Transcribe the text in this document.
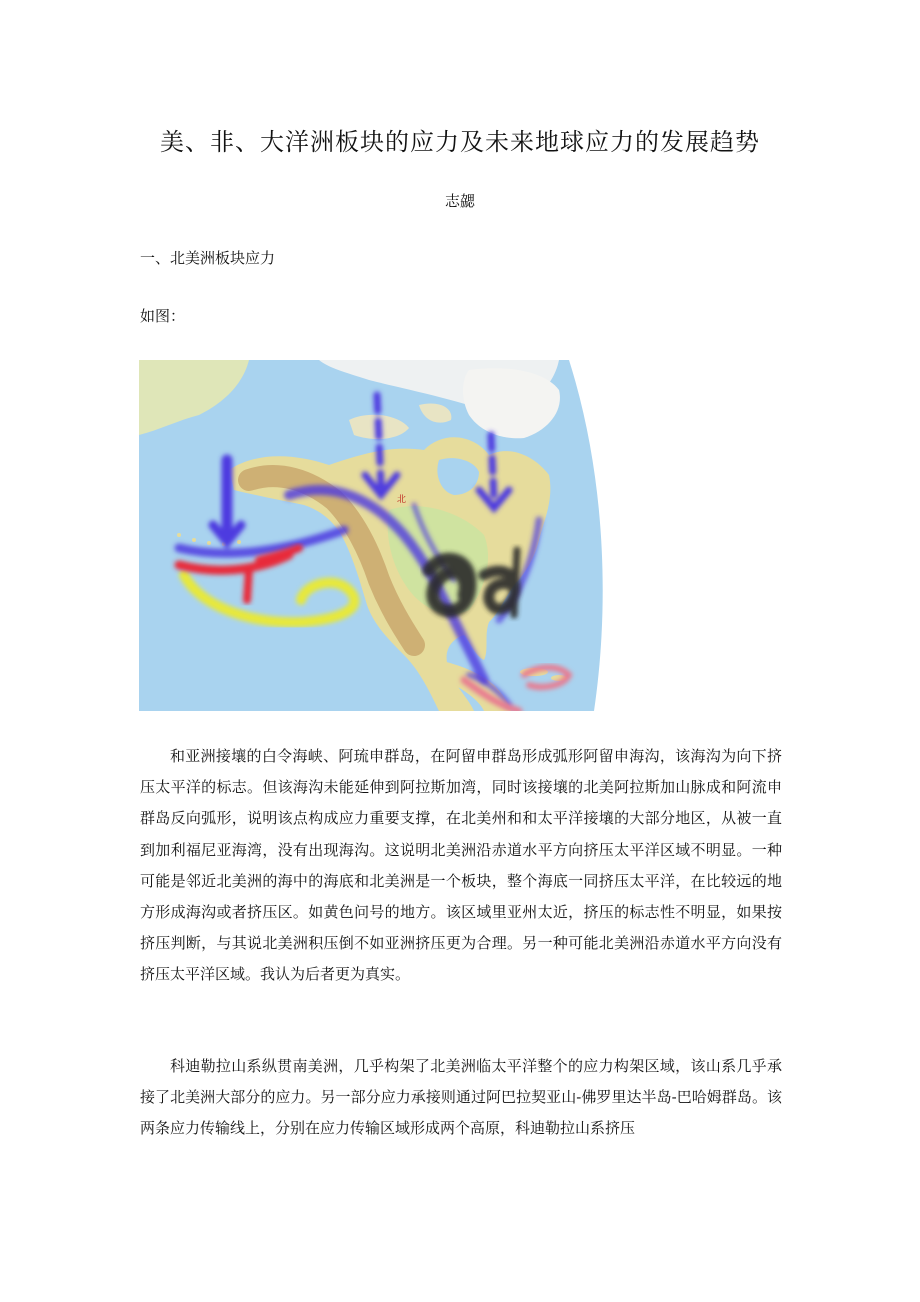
美、非、大洋洲板块的应力及未来地球应力的发展趋势
志勰
一、北美洲板块应力
如图：
北

和亚洲接壤的白令海峡、阿琉申群岛，在阿留申群岛形成弧形阿留申海沟，该海沟为向下挤压太平洋的标志。但该海沟未能延伸到阿拉斯加湾，同时该接壤的北美阿拉斯加山脉成和阿流申群岛反向弧形，说明该点构成应力重要支撑，在北美州和和太平洋接壤的大部分地区，从被一直到加利福尼亚海湾，没有出现海沟。这说明北美洲沿赤道水平方向挤压太平洋区域不明显。一种可能是邻近北美洲的海中的海底和北美洲是一个板块，整个海底一同挤压太平洋，在比较远的地方形成海沟或者挤压区。如黄色问号的地方。该区域里亚州太近，挤压的标志性不明显，如果按挤压判断，与其说北美洲积压倒不如亚洲挤压更为合理。另一种可能北美洲沿赤道水平方向没有挤压太平洋区域。我认为后者更为真实。

科迪勒拉山系纵贯南美洲，几乎构架了北美洲临太平洋整个的应力构架区域，该山系几乎承接了北美洲大部分的应力。另一部分应力承接则通过阿巴拉契亚山-佛罗里达半岛-巴哈姆群岛。该两条应力传输线上，分别在应力传输区域形成两个高原，科迪勒拉山系挤压
